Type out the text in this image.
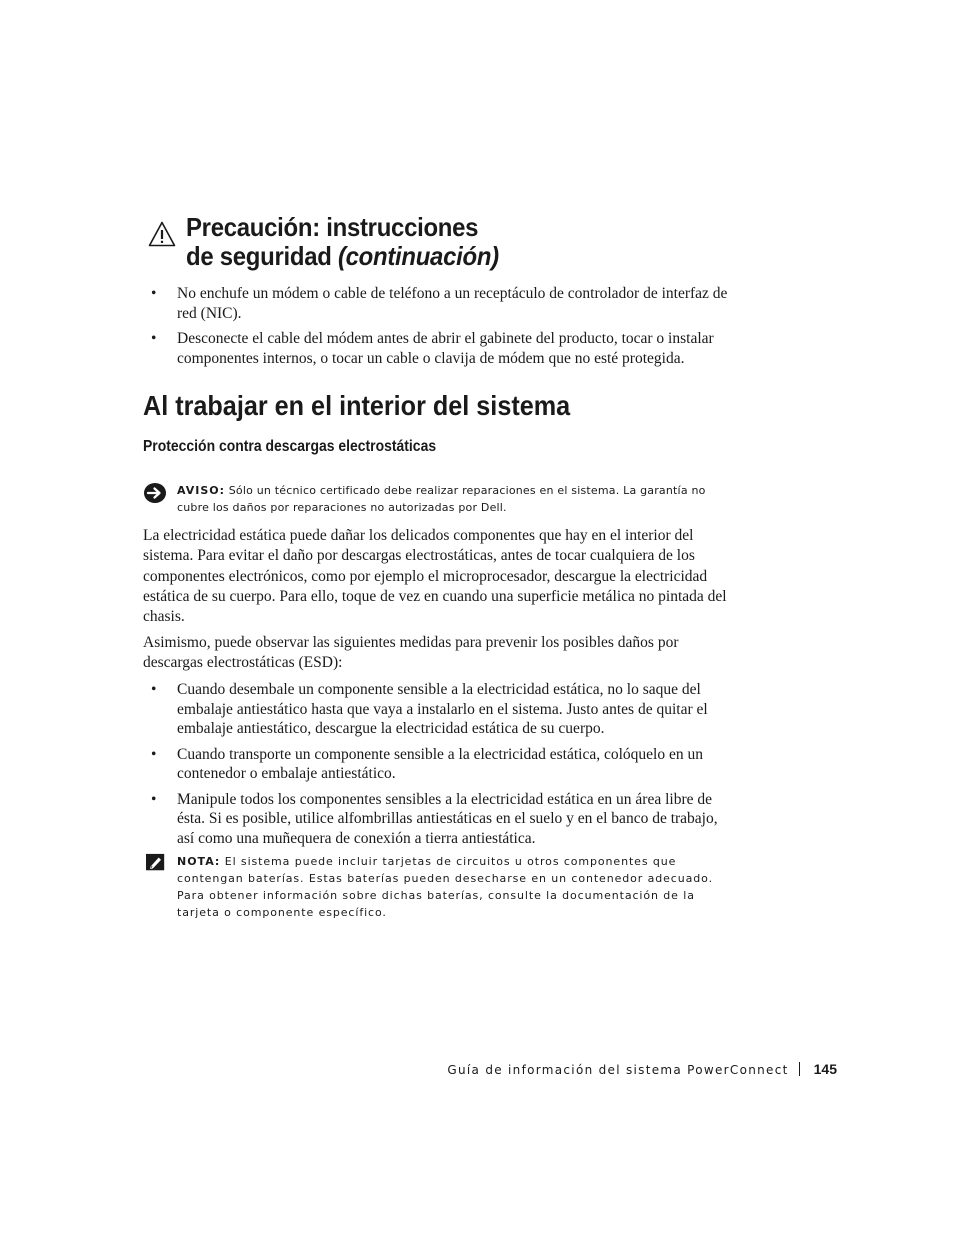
Precaución: instrucciones
de seguridad (continuación)
• No enchufe un módem o cable de teléfono a un receptáculo de controlador de interfaz de red (NIC).
• Desconecte el cable del módem antes de abrir el gabinete del producto, tocar o instalar componentes internos, o tocar un cable o clavija de módem que no esté protegida.
Al trabajar en el interior del sistema
Protección contra descargas electrostáticas
AVISO: Sólo un técnico certificado debe realizar reparaciones en el sistema. La garantía no cubre los daños por reparaciones no autorizadas por Dell.

La electricidad estática puede dañar los delicados componentes que hay en el interior del sistema. Para evitar el daño por descargas electrostáticas, antes de tocar cualquiera de los componentes electrónicos, como por ejemplo el microprocesador, descargue la electricidad estática de su cuerpo. Para ello, toque de vez en cuando una superficie metálica no pintada del chasis.

Asimismo, puede observar las siguientes medidas para prevenir los posibles daños por descargas electrostáticas (ESD):

• Cuando desembale un componente sensible a la electricidad estática, no lo saque del embalaje antiestático hasta que vaya a instalarlo en el sistema. Justo antes de quitar el embalaje antiestático, descargue la electricidad estática de su cuerpo.
• Cuando transporte un componente sensible a la electricidad estática, colóquelo en un contenedor o embalaje antiestático.
• Manipule todos los componentes sensibles a la electricidad estática en un área libre de ésta. Si es posible, utilice alfombrillas antiestáticas en el suelo y en el banco de trabajo, así como una muñequera de conexión a tierra antiestática.
NOTA: El sistema puede incluir tarjetas de circuitos u otros componentes que contengan baterías. Estas baterías pueden desecharse en un contenedor adecuado. Para obtener información sobre dichas baterías, consulte la documentación de la tarjeta o componente específico.
Guía de información del sistema PowerConnect 145
